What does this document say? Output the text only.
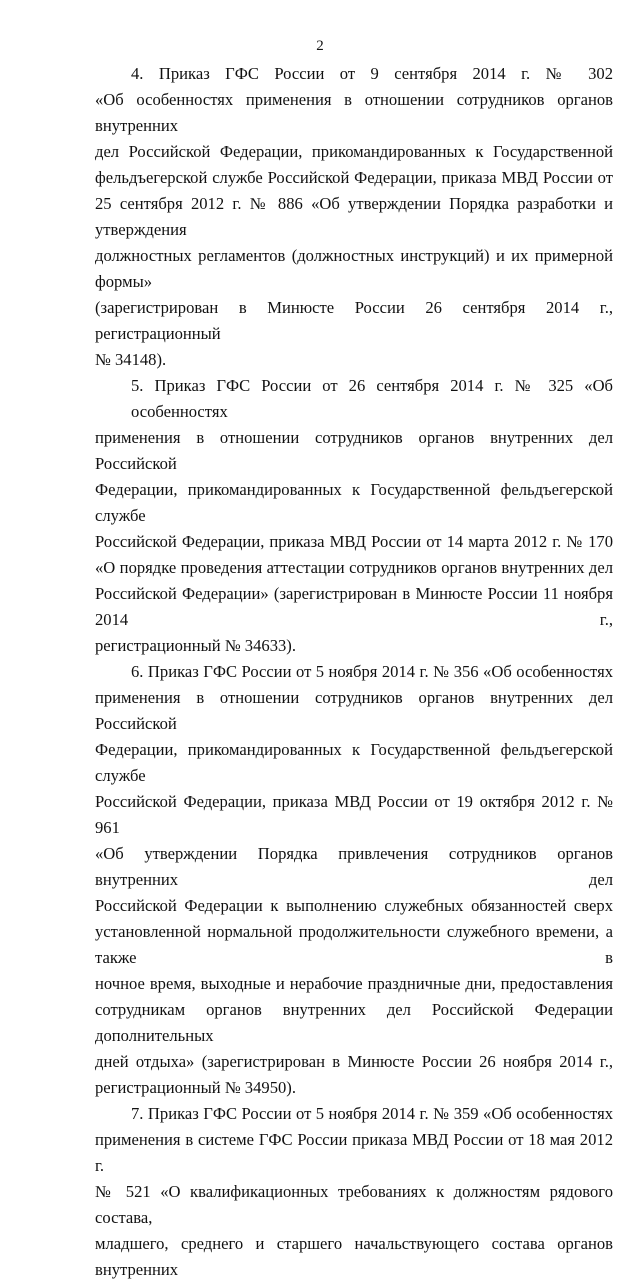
2
4. Приказ ГФС России от 9 сентября 2014 г. № 302
«Об особенностях применения в отношении сотрудников органов внутренних
дел Российской Федерации, прикомандированных к Государственной
фельдъегерской службе Российской Федерации, приказа МВД России от
25 сентября 2012 г. № 886 «Об утверждении Порядка разработки и утверждения
должностных регламентов (должностных инструкций) и их примерной формы»
(зарегистрирован в Минюсте России 26 сентября 2014 г., регистрационный
№ 34148).
5. Приказ ГФС России от 26 сентября 2014 г. № 325 «Об особенностях
применения в отношении сотрудников органов внутренних дел Российской
Федерации, прикомандированных к Государственной фельдъегерской службе
Российской Федерации, приказа МВД России от 14 марта 2012 г. № 170
«О порядке проведения аттестации сотрудников органов внутренних дел
Российской Федерации» (зарегистрирован в Минюсте России 11 ноября 2014 г.,
регистрационный № 34633).
6. Приказ ГФС России от 5 ноября 2014 г. № 356 «Об особенностях
применения в отношении сотрудников органов внутренних дел Российской
Федерации, прикомандированных к Государственной фельдъегерской службе
Российской Федерации, приказа МВД России от 19 октября 2012 г. № 961
«Об утверждении Порядка привлечения сотрудников органов внутренних дел
Российской Федерации к выполнению служебных обязанностей сверх
установленной нормальной продолжительности служебного времени, а также в
ночное время, выходные и нерабочие праздничные дни, предоставления
сотрудникам органов внутренних дел Российской Федерации дополнительных
дней отдыха» (зарегистрирован в Минюсте России 26 ноября 2014 г.,
регистрационный № 34950).
7. Приказ ГФС России от 5 ноября 2014 г. № 359 «Об особенностях
применения в системе ГФС России приказа МВД России от 18 мая 2012 г.
№ 521 «О квалификационных требованиях к должностям рядового состава,
младшего, среднего и старшего начальствующего состава органов внутренних
